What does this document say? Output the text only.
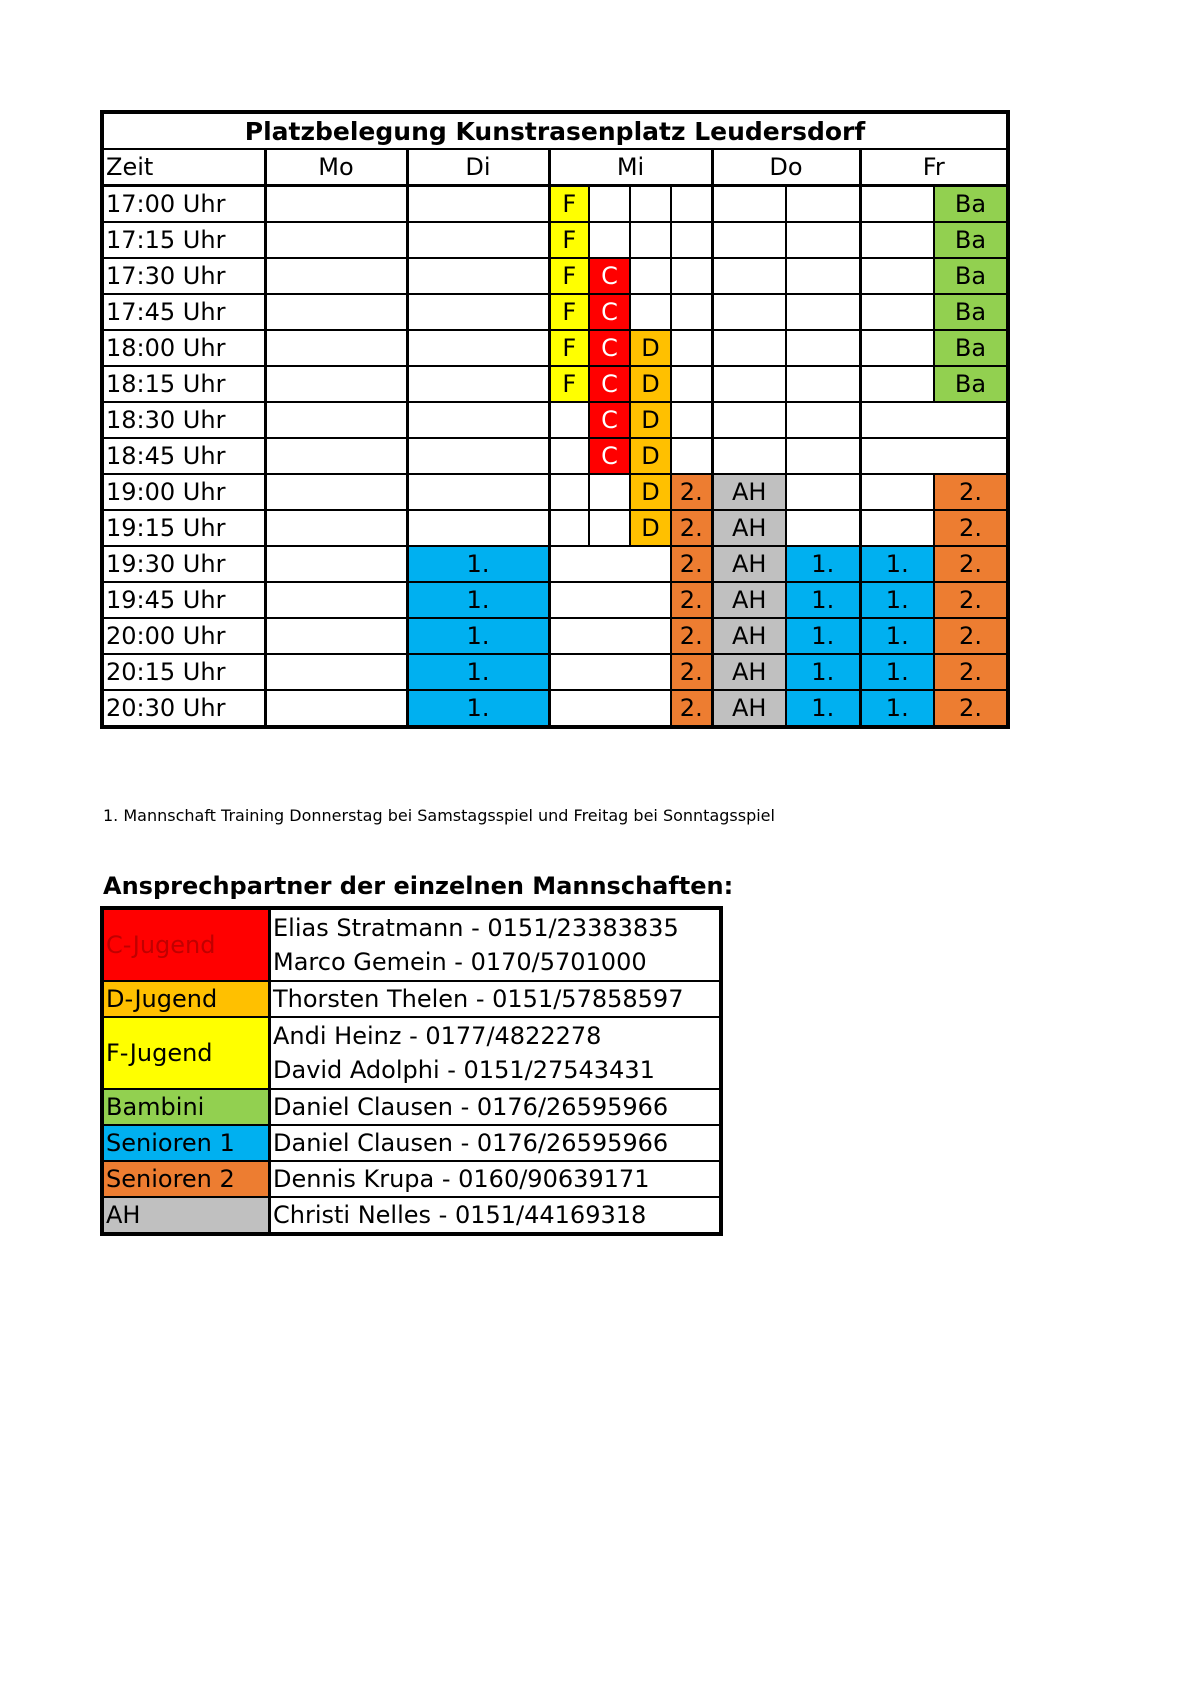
Platzbelegung Kunstrasenplatz Leudersdorf										
Zeit	Mo	Di	Mi				Do		Fr	
17:00 Uhr			F							Ba
17:15 Uhr			F							Ba
17:30 Uhr			F	C						Ba
17:45 Uhr			F	C						Ba
18:00 Uhr			F	C	D					Ba
18:15 Uhr			F	C	D					Ba
18:30 Uhr				C	D					
18:45 Uhr				C	D					
19:00 Uhr					D	2.	AH			2.
19:15 Uhr					D	2.	AH			2.
19:30 Uhr		1.				2.	AH	1.	1.	2.
19:45 Uhr		1.				2.	AH	1.	1.	2.
20:00 Uhr		1.				2.	AH	1.	1.	2.
20:15 Uhr		1.				2.	AH	1.	1.	2.
20:30 Uhr		1.				2.	AH	1.	1.	2.

1. Mannschaft Training Donnerstag bei Samstagsspiel und Freitag bei Sonntagsspiel

Ansprechpartner der einzelnen Mannschaften:
C-Jugend	Elias Stratmann - 0151/23383835
Marco Gemein - 0170/5701000

D-Jugend	Thorsten Thelen - 0151/57858597

F-Jugend	Andi Heinz - 0177/4822278
David Adolphi - 0151/27543431

Bambini	Daniel Clausen - 0176/26595966

Senioren 1	Daniel Clausen - 0176/26595966

Senioren 2	Dennis Krupa - 0160/90639171

AH	Christi Nelles - 0151/44169318
